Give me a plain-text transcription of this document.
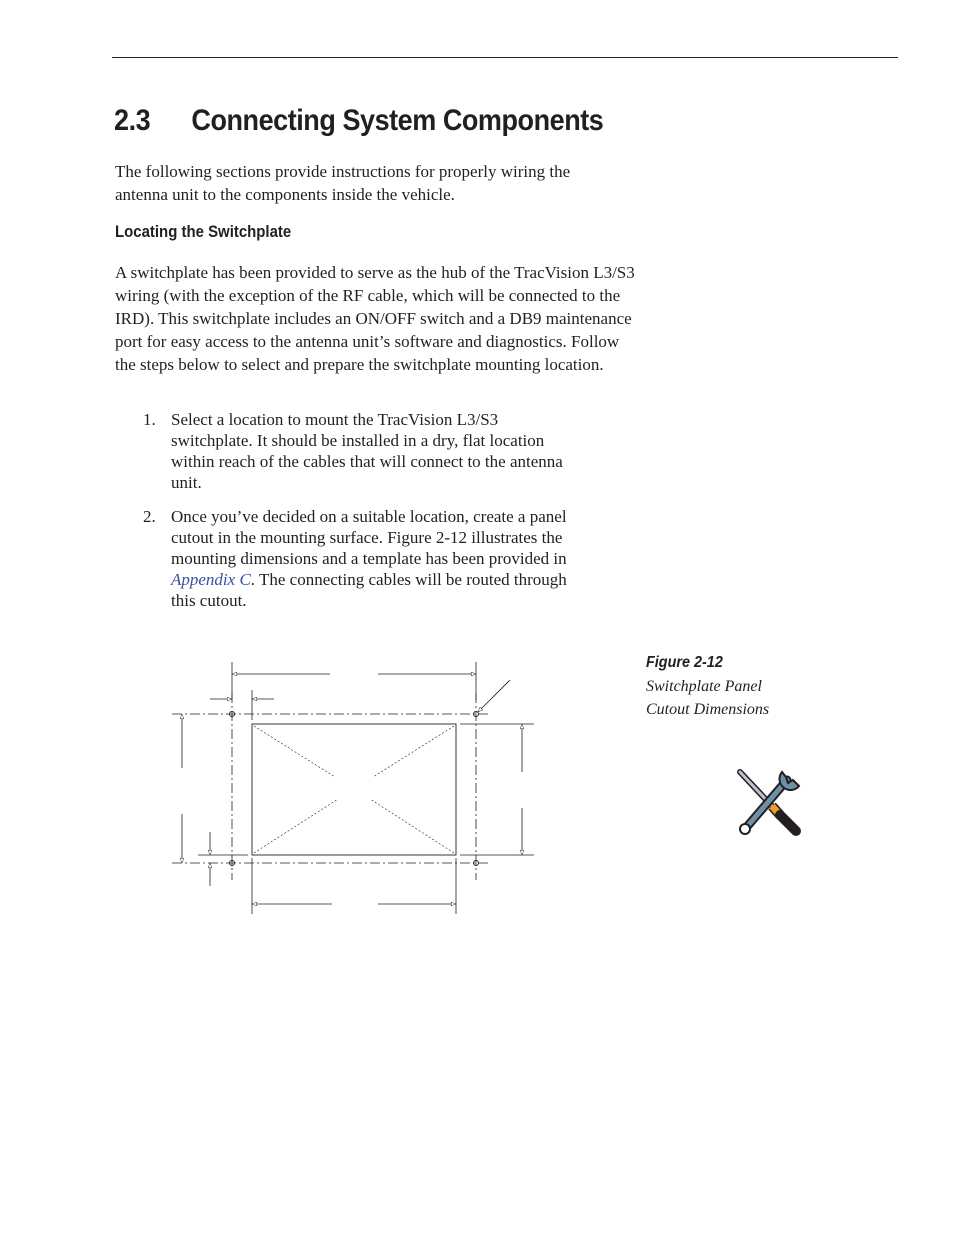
2.3 Connecting System Components

The following sections provide instructions for properly wiring the antenna unit to the components inside the vehicle.

Locating the Switchplate

A switchplate has been provided to serve as the hub of the TracVision L3/S3 wiring (with the exception of the RF cable, which will be connected to the IRD). This switchplate includes an ON/OFF switch and a DB9 maintenance port for easy access to the antenna unit’s software and diagnostics. Follow the steps below to select and prepare the switchplate mounting location.

1. Select a location to mount the TracVision L3/S3 switchplate. It should be installed in a dry, flat location within reach of the cables that will connect to the antenna unit.
2. Once you’ve decided on a suitable location, create a panel cutout in the mounting surface. Figure 2-12 illustrates the mounting dimensions and a template has been provided in Appendix C. The connecting cables will be routed through this cutout.
Figure 2-12
Switchplate Panel Cutout Dimensions
